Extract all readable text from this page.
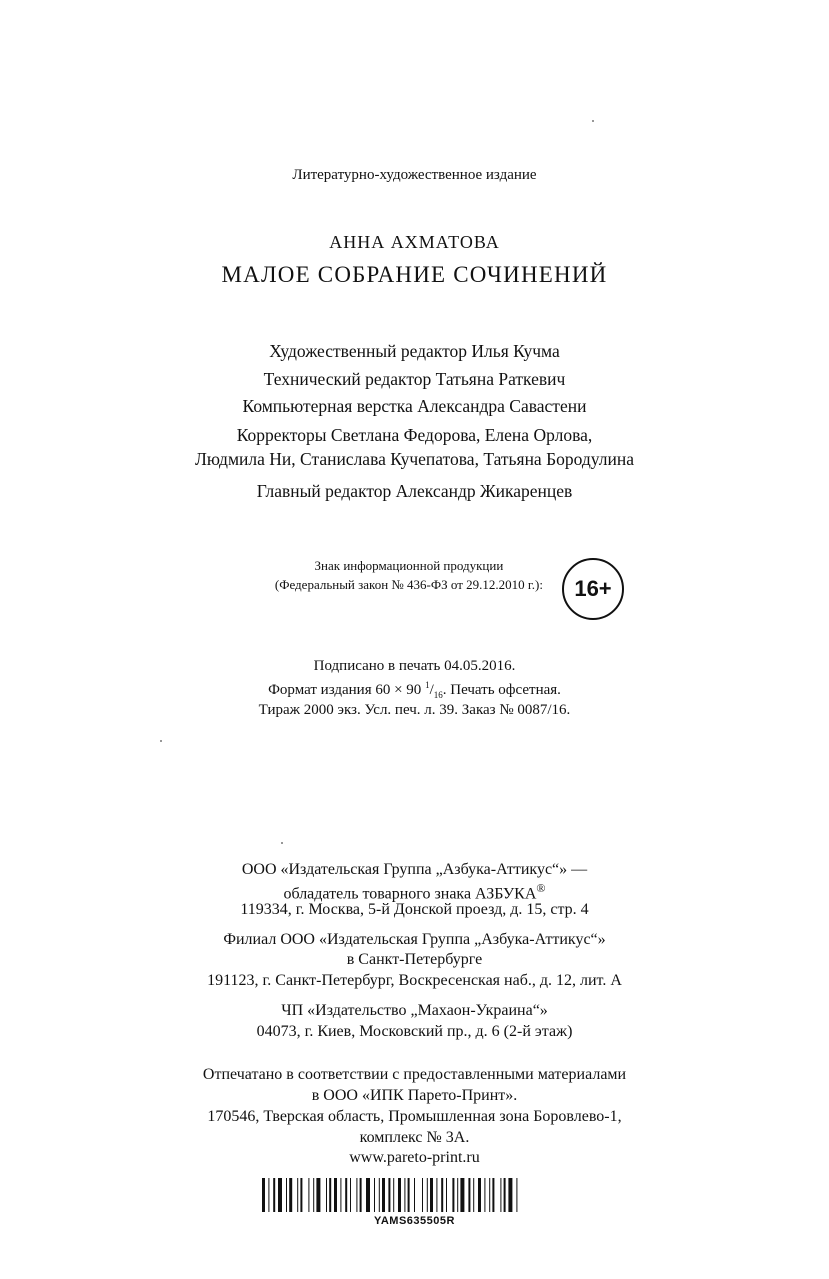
Литературно-художественное издание
АННА АХМАТОВА
МАЛОЕ СОБРАНИЕ СОЧИНЕНИЙ
Художественный редактор Илья Кучма
Технический редактор Татьяна Раткевич
Компьютерная верстка Александра Савастени
Корректоры Светлана Федорова, Елена Орлова,
Людмила Ни, Станислава Кучепатова, Татьяна Бородулина
Главный редактор Александр Жикаренцев
Знак информационной продукции
(Федеральный закон № 436-ФЗ от 29.12.2010 г.):	16+
Подписано в печать 04.05.2016.
Формат издания 60 × 90 $^1/_{16}$. Печать офсетная.
Тираж 2000 экз. Усл. печ. л. 39. Заказ № 0087/16.
ООО «Издательская Группа „Азбука-Аттикус“» —
обладатель товарного знака АЗБУКА®
119334, г. Москва, 5-й Донской проезд, д. 15, стр. 4
Филиал ООО «Издательская Группа „Азбука-Аттикус“»
в Санкт-Петербурге
191123, г. Санкт-Петербург, Воскресенская наб., д. 12, лит. А
ЧП «Издательство „Махаон-Украина“»
04073, г. Киев, Московский пр., д. 6 (2-й этаж)
Отпечатано в соответствии с предоставленными материалами
в ООО «ИПК Парето-Принт».
170546, Тверская область, Промышленная зона Боровлево-1,
комплекс № 3А.
www.pareto-print.ru
YAMS635505R
